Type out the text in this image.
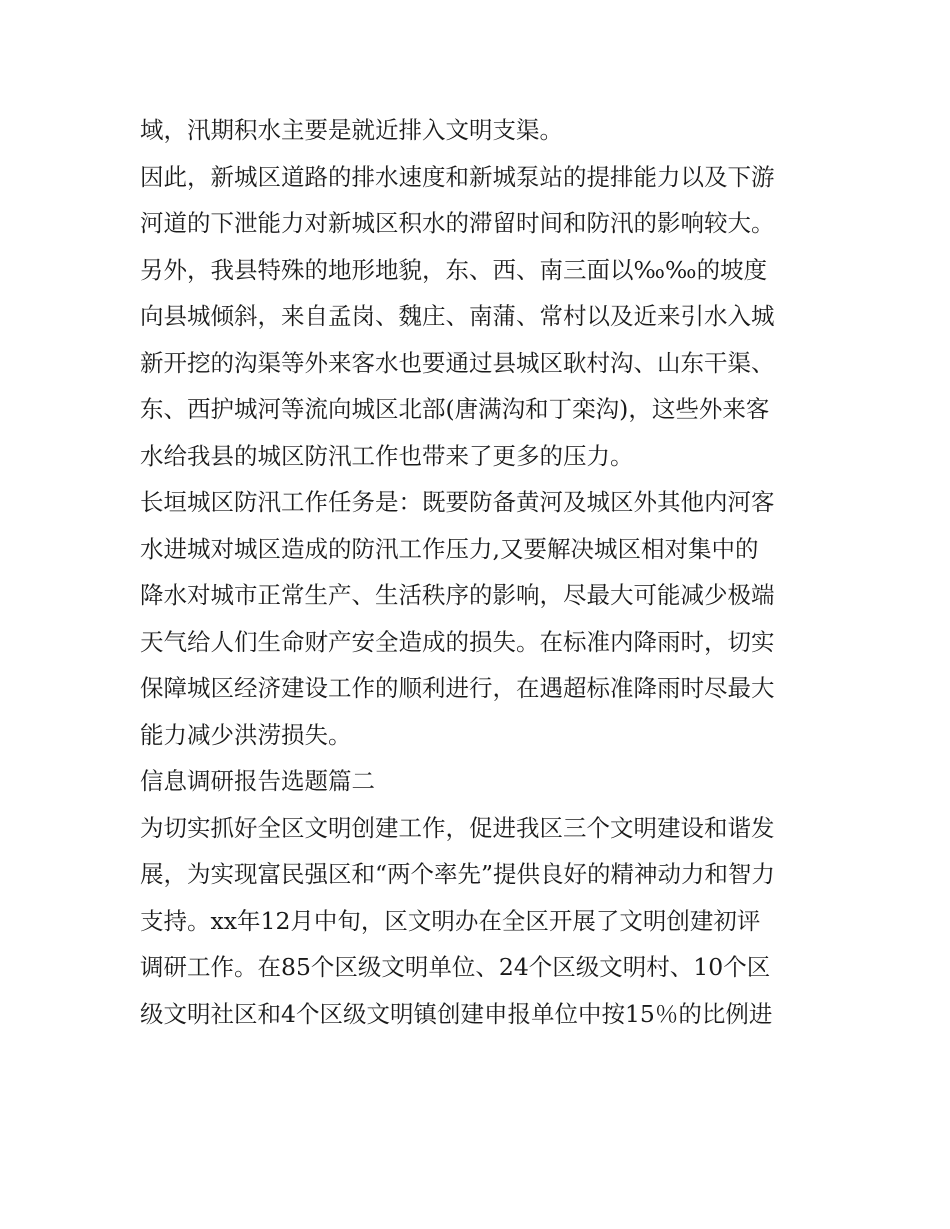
域，汛期积水主要是就近排入文明支渠。
因此，新城区道路的排水速度和新城泵站的提排能力以及下游
河道的下泄能力对新城区积水的滞留时间和防汛的影响较大。
另外，我县特殊的地形地貌，东、西、南三面以‰‰的坡度
向县城倾斜，来自孟岗、魏庄、南蒲、常村以及近来引水入城
新开挖的沟渠等外来客水也要通过县城区耿村沟、山东干渠、
东、西护城河等流向城区北部(唐满沟和丁栾沟)，这些外来客
水给我县的城区防汛工作也带来了更多的压力。
长垣城区防汛工作任务是：既要防备黄河及城区外其他内河客
水进城对城区造成的防汛工作压力,又要解决城区相对集中的
降水对城市正常生产、生活秩序的影响，尽最大可能减少极端
天气给人们生命财产安全造成的损失。在标准内降雨时，切实
保障城区经济建设工作的顺利进行，在遇超标准降雨时尽最大
能力减少洪涝损失。
信息调研报告选题篇二
为切实抓好全区文明创建工作，促进我区三个文明建设和谐发
展，为实现富民强区和“两个率先”提供良好的精神动力和智力
支持。xx年12月中旬，区文明办在全区开展了文明创建初评
调研工作。在85个区级文明单位、24个区级文明村、10个区
级文明社区和4个区级文明镇创建申报单位中按15％的比例进
